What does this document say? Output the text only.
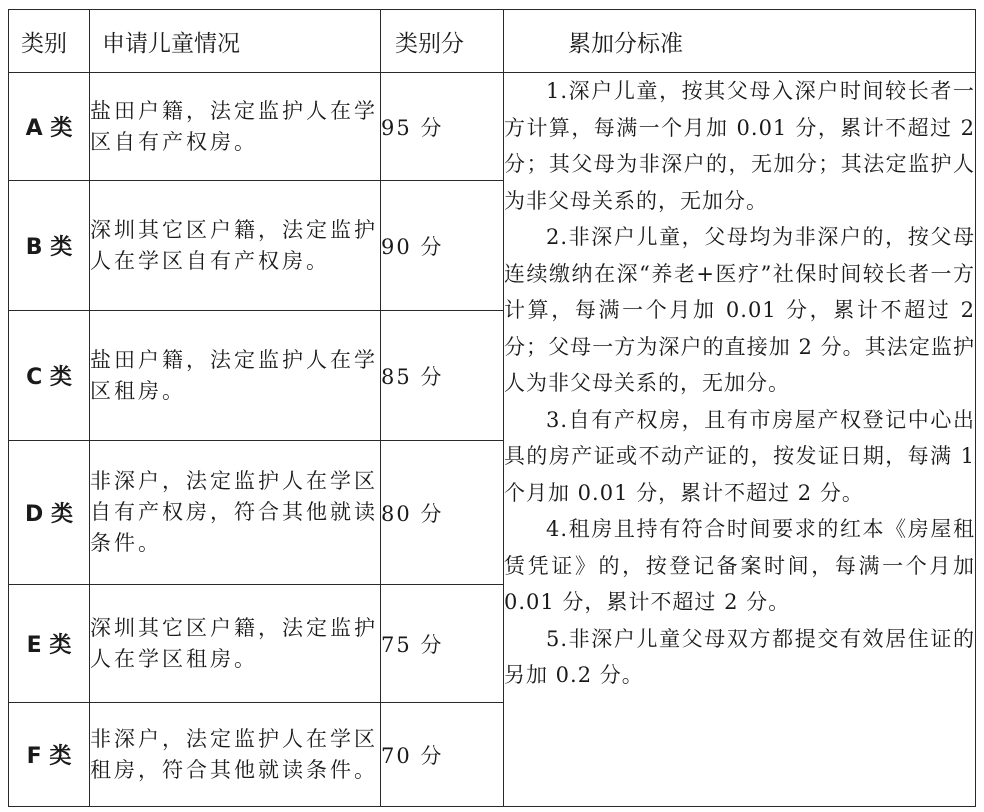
类别	申请儿童情况	类别分	累加分标准
A 类	盐田户籍，法定监护人在学区自有产权房。	95 分	1.深户儿童，按其父母入深户时间较长者一方计算，每满一个月加 0.01 分，累计不超过 2 分；其父母为非深户的，无加分；其法定监护人为非父母关系的，无加分。

2.非深户儿童，父母均为非深户的，按父母连续缴纳在深“养老+医疗”社保时间较长者一方计算，每满一个月加 0.01 分，累计不超过 2 分；父母一方为深户的直接加 2 分。其法定监护人为非父母关系的，无加分。

3.自有产权房，且有市房屋产权登记中心出具的房产证或不动产证的，按发证日期，每满 1 个月加 0.01 分，累计不超过 2 分。

4.租房且持有符合时间要求的红本《房屋租赁凭证》的，按登记备案时间，每满一个月加 0.01 分，累计不超过 2 分。

5.非深户儿童父母双方都提交有效居住证的另加 0.2 分。

B 类	深圳其它区户籍，法定监护人在学区自有产权房。	90 分	
C 类	盐田户籍，法定监护人在学区租房。	85 分	
D 类	非深户，法定监护人在学区自有产权房，符合其他就读条件。	80 分	
E 类	深圳其它区户籍，法定监护人在学区租房。	75 分	
F 类	非深户，法定监护人在学区租房，符合其他就读条件。	70 分	
